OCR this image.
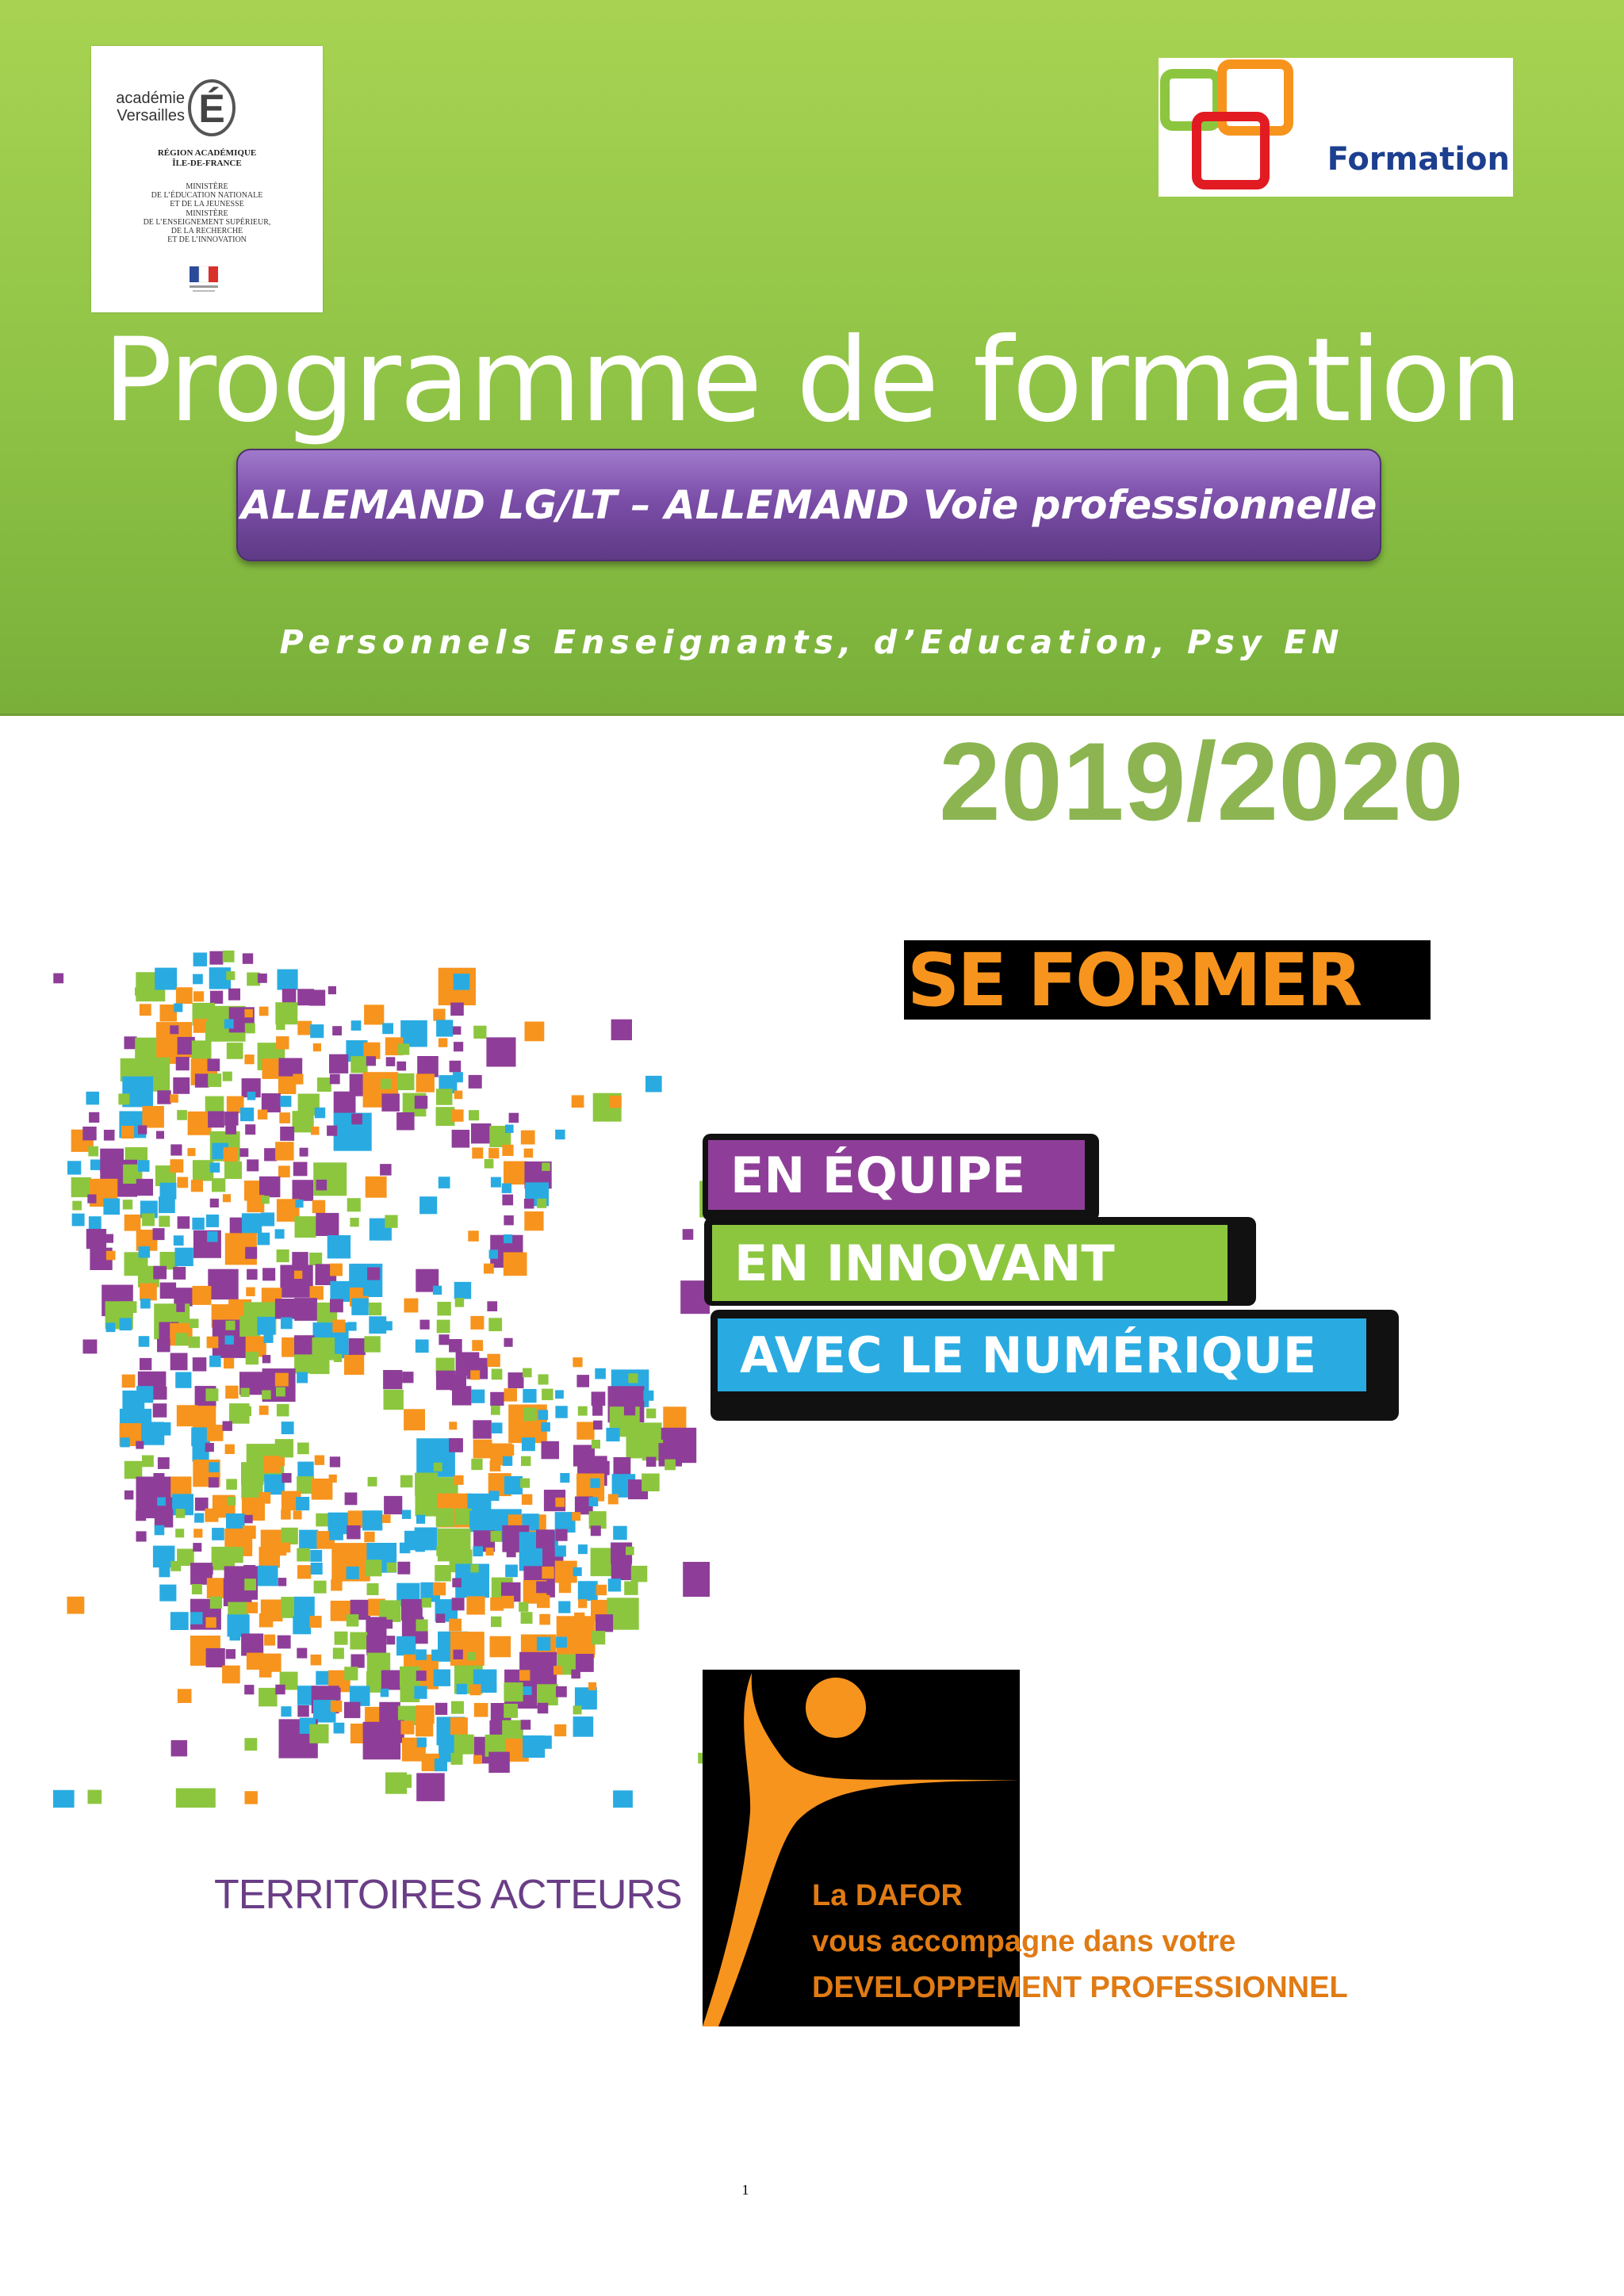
académie
Versailles É
RÉGION ACADÉMIQUE
ÎLE-DE-FRANCE
MINISTÈRE
DE L’ÉDUCATION NATIONALE
ET DE LA JEUNESSE
MINISTÈRE
DE L’ENSEIGNEMENT SUPÉRIEUR,
DE LA RECHERCHE
ET DE L’INNOVATION
Formation
Programme de formation
ALLEMAND LG/LT – ALLEMAND Voie professionnelle
Personnels Enseignants, d’Education, Psy EN
2019/2020
TERRITOIRES ACTEURS
SE FORMER
EN ÉQUIPE
EN INNOVANT
AVEC LE NUMÉRIQUE
La DAFOR
vous accompagne dans votre
DEVELOPPEMENT PROFESSIONNEL
1
